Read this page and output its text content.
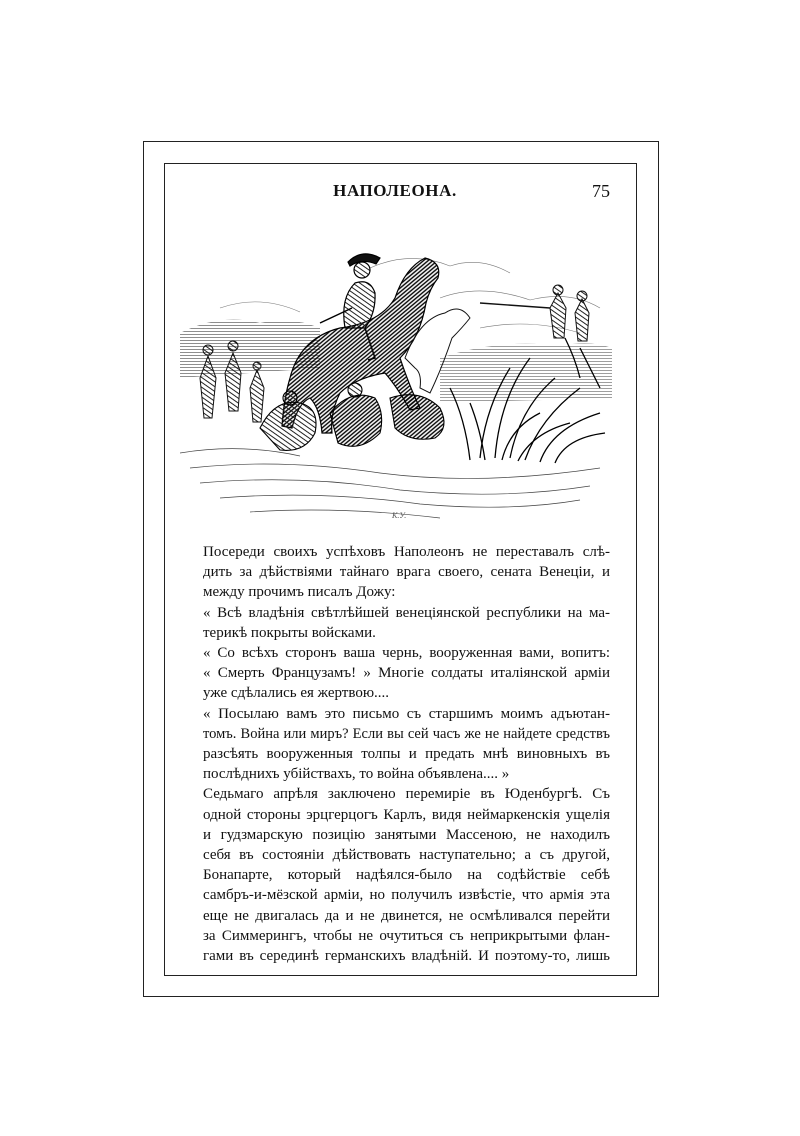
НАПОЛЕОНА.	75
К.У.

Посереди своихъ успѣховъ Наполеонъ не переставалъ слѣ-
дить за дѣйствіями тайнаго врага своего, сената Венеціи, и
между прочимъ писалъ Дожу:

« Всѣ владѣнія свѣтлѣйшей венеціянской республики на ма-
терикѣ покрыты войсками.

« Со всѣхъ сторонъ ваша чернь, вооруженная вами, вопитъ:
« Смерть Французамъ! » Многіе солдаты италіянской арміи
уже сдѣлались ея жертвою....

« Посылаю вамъ это письмо съ старшимъ моимъ адъютан-
томъ. Война или миръ? Если вы сей часъ же не найдете средствъ
разсѣять вооруженныя толпы и предать мнѣ виновныхъ въ
послѣднихъ убійствахъ, то война объявлена.... »

Седьмаго апрѣля заключено перемиріе въ Юденбургѣ. Съ
одной стороны эрцгерцогъ Карлъ, видя неймаркенскія ущелія
и гудзмарскую позицію занятыми Массеною, не находилъ
себя въ состояніи дѣйствовать наступательно; а съ другой,
Бонапарте, который надѣялся-было на содѣйствіе себѣ
самбръ-и-мёзской арміи, но получилъ извѣстіе, что армія эта
еще не двигалась да и не двинется, не осмѣливался перейти
за Симмерингъ, чтобы не очутиться съ неприкрытыми флан-
гами въ серединѣ германскихъ владѣній. И поэтому-то, лишь
